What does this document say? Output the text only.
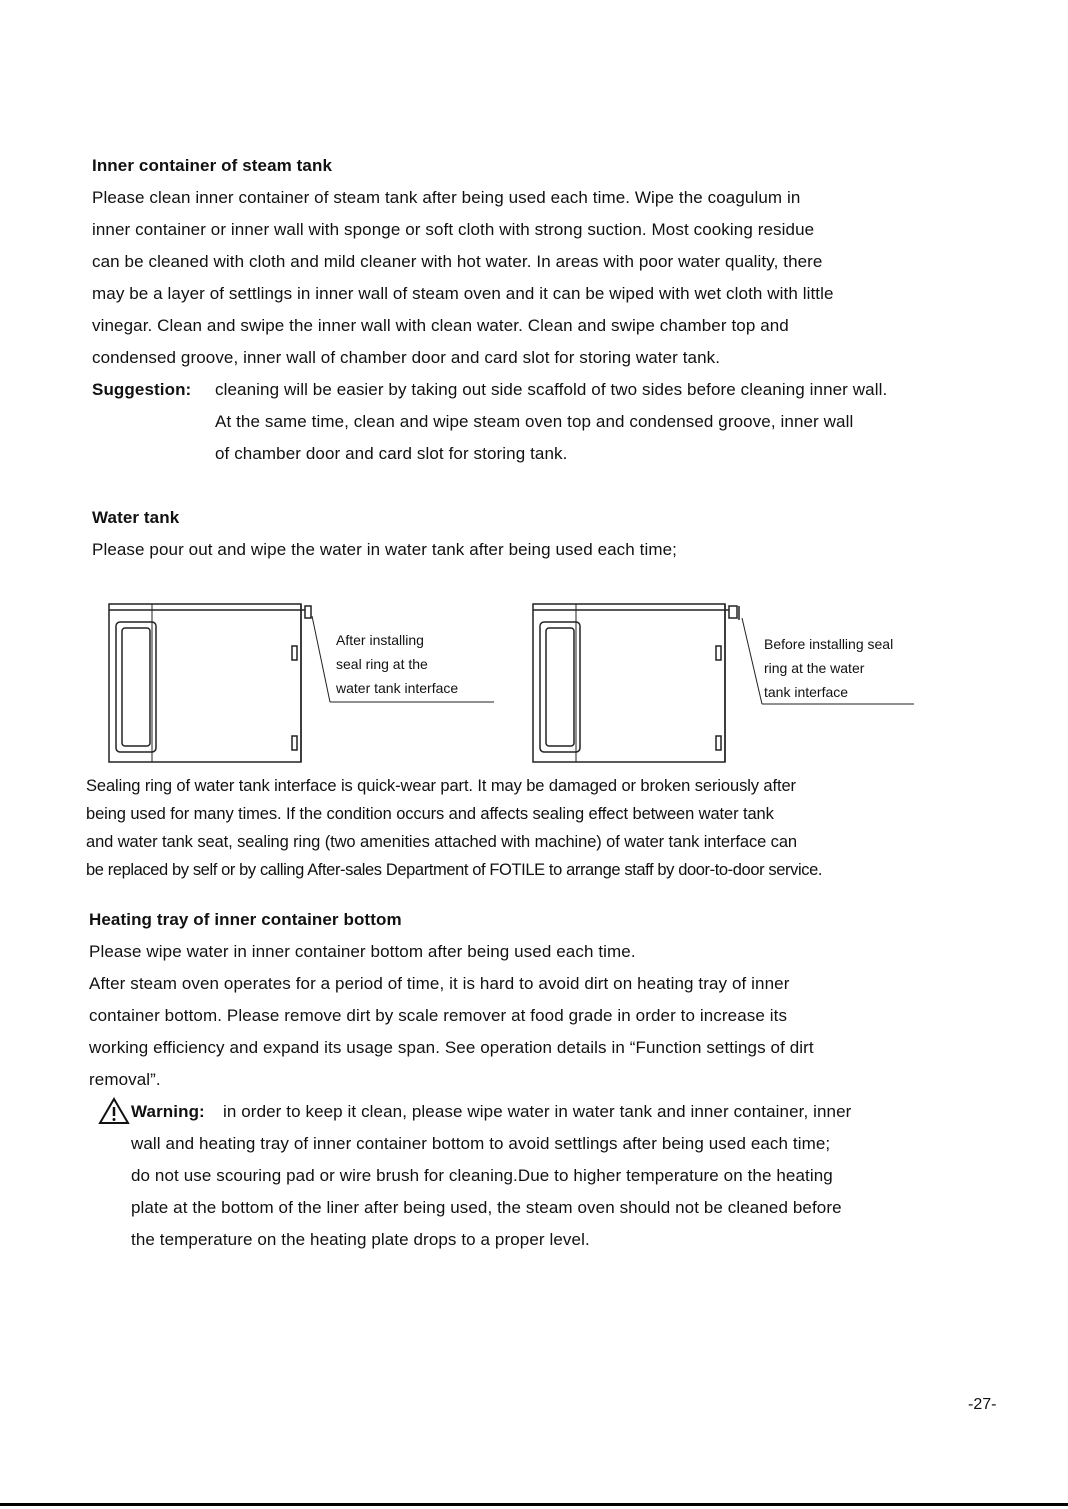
Inner container of steam tank
Please clean inner container of steam tank after being used each time. Wipe the coagulum in
inner container or inner wall with sponge or soft cloth with strong suction. Most cooking residue
can be cleaned with cloth and mild cleaner with hot water. In areas with poor water quality, there
may be a layer of settlings in inner wall of steam oven and it can be wiped with wet cloth with little
vinegar. Clean and swipe the inner wall with clean water. Clean and swipe chamber top and
condensed groove, inner wall of chamber door and card slot for storing water tank.
Suggestion: cleaning will be easier by taking out side scaffold of two sides before cleaning inner wall.
At the same time, clean and wipe steam oven top and condensed groove, inner wall
of chamber door and card slot for storing tank.
Water tank
Please pour out and wipe the water in water tank after being used each time;
After installing
seal ring at the
water tank interface
Before installing seal
ring at the water
tank interface
Sealing ring of water tank interface is quick-wear part. It may be damaged or broken seriously after
being used for many times. If the condition occurs and affects sealing effect between water tank
and water tank seat, sealing ring (two amenities attached with machine) of water tank interface can
be replaced by self or by calling After-sales Department of FOTILE to arrange staff by door-to-door service.
Heating tray of inner container bottom
Please wipe water in inner container bottom after being used each time.
After steam oven operates for a period of time, it is hard to avoid dirt on heating tray of inner
container bottom. Please remove dirt by scale remover at food grade in order to increase its
working efficiency and expand its usage span. See operation details in “Function settings of dirt
removal”.
Warning: in order to keep it clean, please wipe water in water tank and inner container, inner
wall and heating tray of inner container bottom to avoid settlings after being used each time;
do not use scouring pad or wire brush for cleaning.Due to higher temperature on the heating
plate at the bottom of the liner after being used, the steam oven should not be cleaned before
the temperature on the heating plate drops to a proper level.
-27-
